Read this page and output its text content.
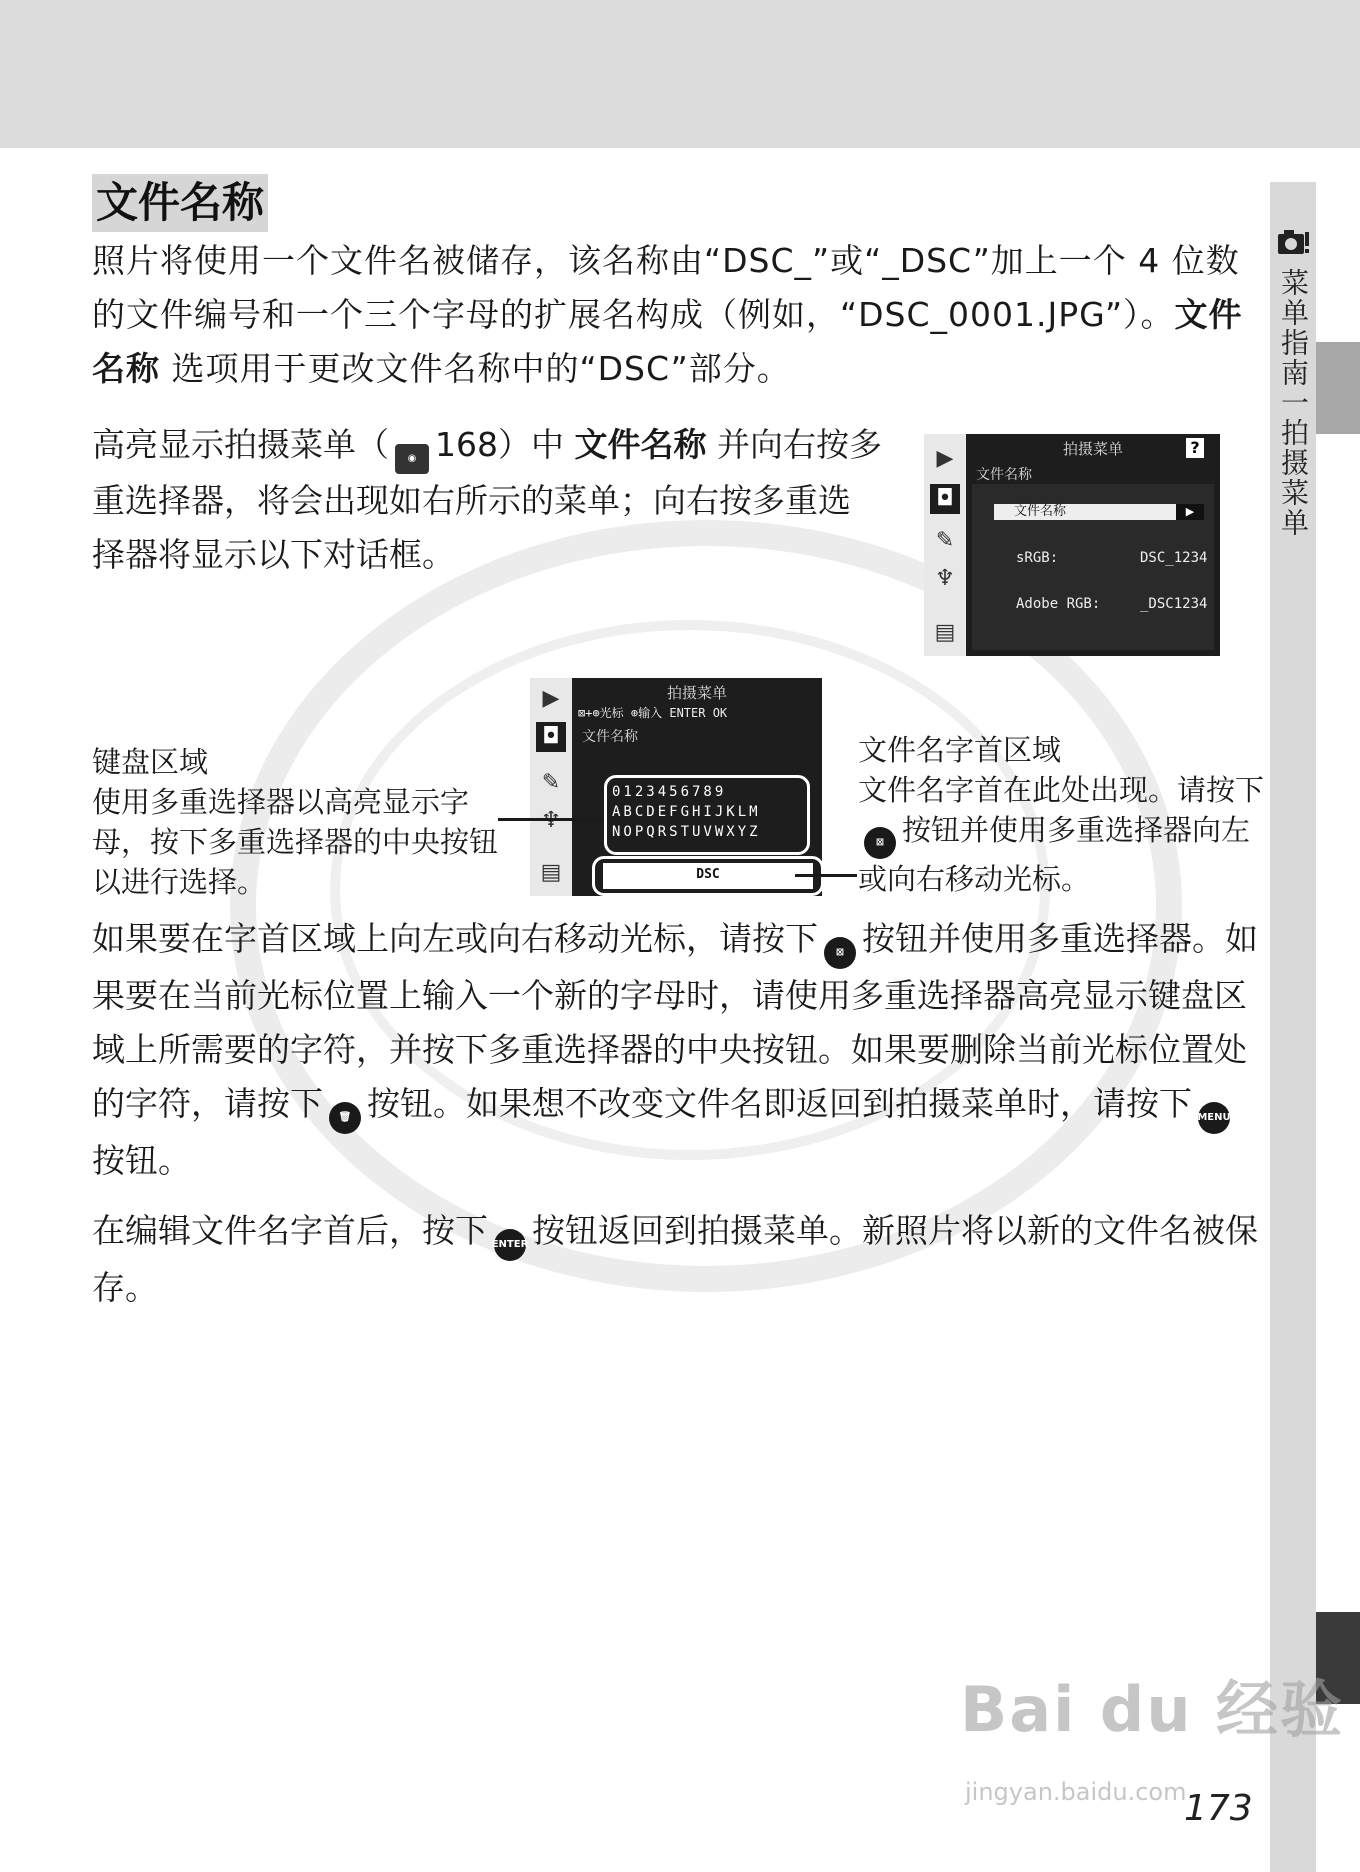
菜单指南一拍摄菜单
文件名称
照片将使用一个文件名被储存，该名称由“DSC_”或“_DSC”加上一个 4 位数的文件编号和一个三个字母的扩展名构成（例如，“DSC_0001.JPG”）。文件名称 选项用于更改文件名称中的“DSC”部分。
高亮显示拍摄菜单（ ◉ 168）中 文件名称 并向右按多重选择器，将会出现如右所示的菜单；向右按多重选择器将显示以下对话框。
▶
◘
✎
♆
▤
拍摄菜单	?
文件名称
文件名称	▶
sRGB:	DSC_1234
Adobe RGB:	_DSC1234
▶
◘
✎
▤
拍摄菜单
⊠+⊕光标 ⊕输入 ENTER OK
文件名称
0123456789
ABCDEFGHIJKLM
NOPQRSTUVWXYZ
DSC
键盘区域
使用多重选择器以高亮显示字母，按下多重选择器的中央按钮以进行选择。
文件名字首区域
文件名字首在此处出现。请按下⊠ 按钮并使用多重选择器向左或向右移动光标。
如果要在字首区域上向左或向右移动光标，请按下 ⊠ 按钮并使用多重选择器。如果要在当前光标位置上输入一个新的字母时，请使用多重选择器高亮显示键盘区域上所需要的字符，并按下多重选择器的中央按钮。如果要删除当前光标位置处的字符，请按下 🗑 按钮。如果想不改变文件名即返回到拍摄菜单时，请按下 MENU按钮。
在编辑文件名字首后，按下 ENTER 按钮返回到拍摄菜单。新照片将以新的文件名被保存。
Bai du 经验
jingyan.baidu.com
173
